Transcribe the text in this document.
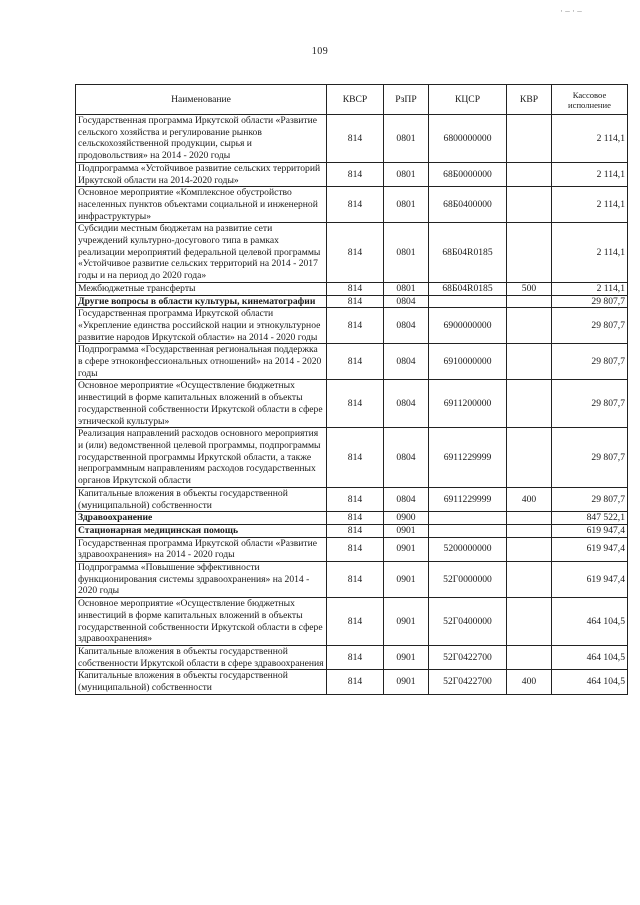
· – · –
109
Наименование	КВСР	РзПР	КЦСР	КВР	Кассовое исполнение
Государственная программа Иркутской области «Развитие сельского хозяйства и регулирование рынков сельскохозяйственной продукции, сырья и продовольствия» на 2014 - 2020 годы	814	0801	6800000000		2 114,1
Подпрограмма «Устойчивое развитие сельских территорий Иркутской области на 2014-2020 годы»	814	0801	68Б0000000		2 114,1
Основное мероприятие «Комплексное обустройство населенных пунктов объектами социальной и инженерной инфраструктуры»	814	0801	68Б0400000		2 114,1
Субсидии местным бюджетам на развитие сети учреждений культурно-досугового типа в рамках реализации мероприятий федеральной целевой программы «Устойчивое развитие сельских территорий на 2014 - 2017 годы и на период до 2020 года»	814	0801	68Б04R0185		2 114,1
Межбюджетные трансферты	814	0801	68Б04R0185	500	2 114,1
Другие вопросы в области культуры, кинематографии	814	0804			29 807,7
Государственная программа Иркутской области «Укрепление единства российской нации и этнокультурное развитие народов Иркутской области» на 2014 - 2020 годы	814	0804	6900000000		29 807,7
Подпрограмма «Государственная региональная поддержка в сфере этноконфессиональных отношений» на 2014 - 2020 годы	814	0804	6910000000		29 807,7
Основное мероприятие «Осуществление бюджетных инвестиций в форме капитальных вложений в объекты государственной собственности Иркутской области в сфере этнической культуры»	814	0804	6911200000		29 807,7
Реализация направлений расходов основного мероприятия и (или) ведомственной целевой программы, подпрограммы государственной программы Иркутской области, а также непрограммным направлениям расходов государственных органов Иркутской области	814	0804	6911229999		29 807,7
Капитальные вложения в объекты государственной (муниципальной) собственности	814	0804	6911229999	400	29 807,7
Здравоохранение	814	0900			847 522,1
Стационарная медицинская помощь	814	0901			619 947,4
Государственная программа Иркутской области «Развитие здравоохранения» на 2014 - 2020 годы	814	0901	5200000000		619 947,4
Подпрограмма «Повышение эффективности функционирования системы здравоохранения» на 2014 - 2020 годы	814	0901	52Г0000000		619 947,4
Основное мероприятие «Осуществление бюджетных инвестиций в форме капитальных вложений в объекты государственной собственности Иркутской области в сфере здравоохранения»	814	0901	52Г0400000		464 104,5
Капитальные вложения в объекты государственной собственности Иркутской области в сфере здравоохранения	814	0901	52Г0422700		464 104,5
Капитальные вложения в объекты государственной (муниципальной) собственности	814	0901	52Г0422700	400	464 104,5
